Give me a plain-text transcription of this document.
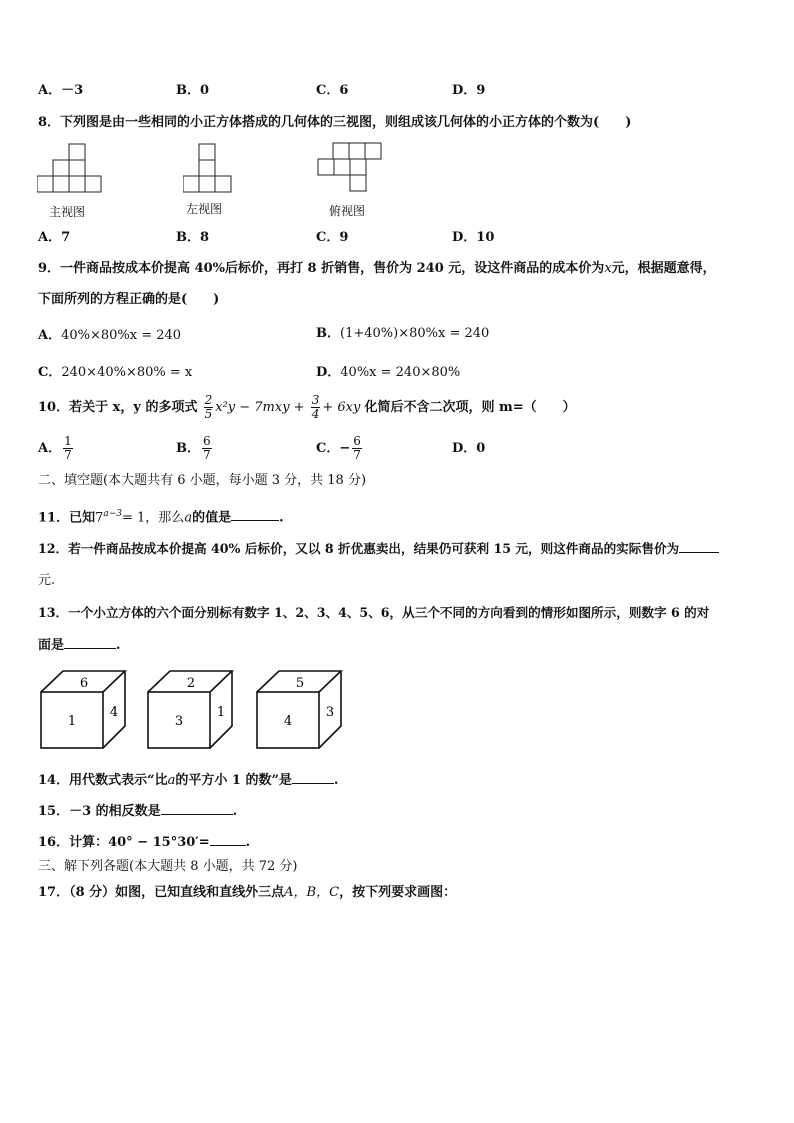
A．－3	B．0	C．6	D．9
8．下列图是由一些相同的小正方体搭成的几何体的三视图，则组成该几何体的小正方体的个数为(　　)
主视图	左视图	俯视图
A．7	B．8	C．9	D．10
9．一件商品按成本价提高 40%后标价，再打 8 折销售，售价为 240 元，设这件商品的成本价为x元，根据题意得，
下面所列的方程正确的是(　　)
A．40%×80%x = 240	B．(1+40%)×80%x = 240
C．240×40%×80% = x	D．40%x = 240×80%
10．若关于 x，y 的多项式 $\frac{2}{5} x^2y - 7mxy + \frac{3}{4} + 6xy$ 化简后不含二次项，则 m=（　　）
A． $\frac{1}{7}$	B． $\frac{6}{7}$	C．− $\frac{6}{7}$	D．0
二、填空题(本大题共有 6 小题，每小题 3 分，共 18 分)
11．已知$7^{a-3}= 1$，那么a的值是	.
12．若一件商品按成本价提高 40% 后标价，又以 8 折优惠卖出，结果仍可获利 15 元，则这件商品的实际售价为
元.
13．一个小立方体的六个面分别标有数字 1、2、3、4、5、6，从三个不同的方向看到的情形如图所示，则数字 6 的对
面是	.
6
1
4
2
3
1
5
4
3
14．用代数式表示“比a的平方小 1 的数”是	.
15．－3 的相反数是	.
16．计算：40° − 15°30′=	.
三、解下列各题(本大题共 8 小题，共 72 分)
17．（8 分）如图，已知直线和直线外三点A，B，C，按下列要求画图：
